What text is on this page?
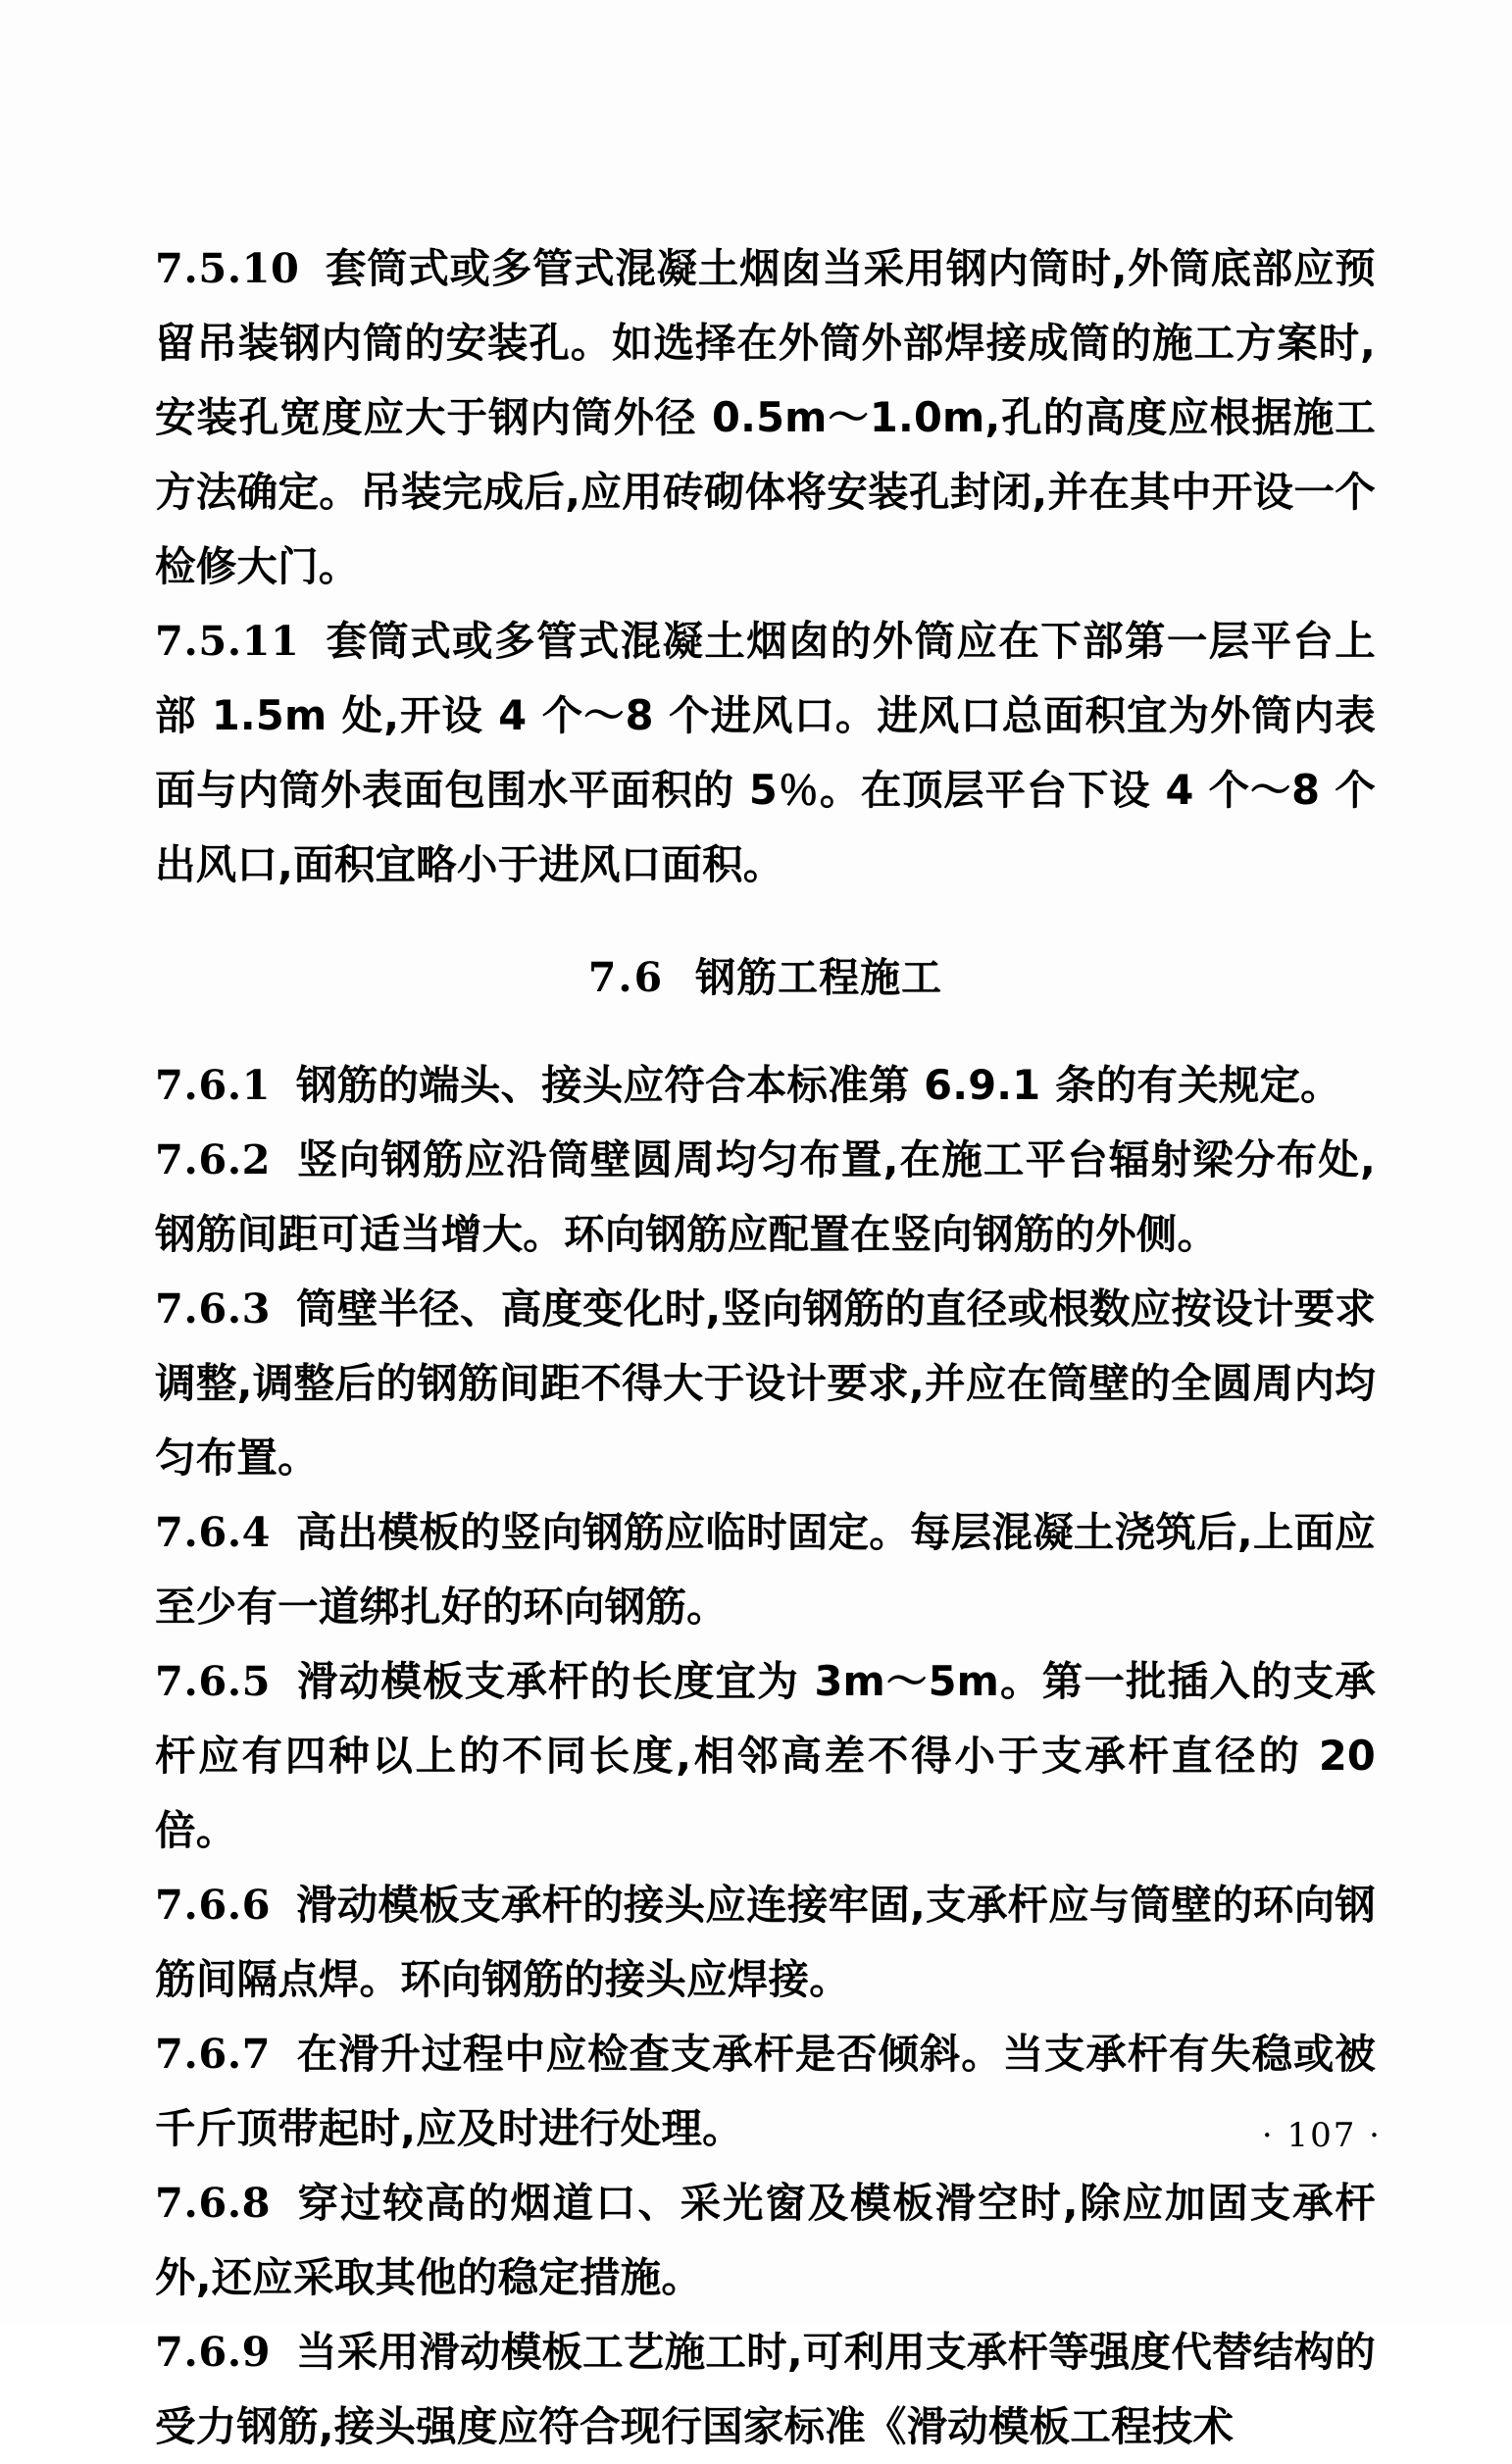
7.5.10 套筒式或多管式混凝土烟囱当采用钢内筒时,外筒底部应预留吊装钢内筒的安装孔。如选择在外筒外部焊接成筒的施工方案时,安装孔宽度应大于钢内筒外径 0.5m～1.0m,孔的高度应根据施工方法确定。吊装完成后,应用砖砌体将安装孔封闭,并在其中开设一个检修大门。

7.5.11 套筒式或多管式混凝土烟囱的外筒应在下部第一层平台上部 1.5m 处,开设 4 个～8 个进风口。进风口总面积宜为外筒内表面与内筒外表面包围水平面积的 5％。在顶层平台下设 4 个～8 个出风口,面积宜略小于进风口面积。

7.6 钢筋工程施工

7.6.1 钢筋的端头、接头应符合本标准第 6.9.1 条的有关规定。

7.6.2 竖向钢筋应沿筒壁圆周均匀布置,在施工平台辐射梁分布处,钢筋间距可适当增大。环向钢筋应配置在竖向钢筋的外侧。

7.6.3 筒壁半径、高度变化时,竖向钢筋的直径或根数应按设计要求调整,调整后的钢筋间距不得大于设计要求,并应在筒壁的全圆周内均匀布置。

7.6.4 高出模板的竖向钢筋应临时固定。每层混凝土浇筑后,上面应至少有一道绑扎好的环向钢筋。

7.6.5 滑动模板支承杆的长度宜为 3m～5m。第一批插入的支承杆应有四种以上的不同长度,相邻高差不得小于支承杆直径的 20 倍。

7.6.6 滑动模板支承杆的接头应连接牢固,支承杆应与筒壁的环向钢筋间隔点焊。环向钢筋的接头应焊接。

7.6.7 在滑升过程中应检查支承杆是否倾斜。当支承杆有失稳或被千斤顶带起时,应及时进行处理。

7.6.8 穿过较高的烟道口、采光窗及模板滑空时,除应加固支承杆外,还应采取其他的稳定措施。

7.6.9 当采用滑动模板工艺施工时,可利用支承杆等强度代替结构的受力钢筋,接头强度应符合现行国家标准《滑动模板工程技术

· 107 ·
